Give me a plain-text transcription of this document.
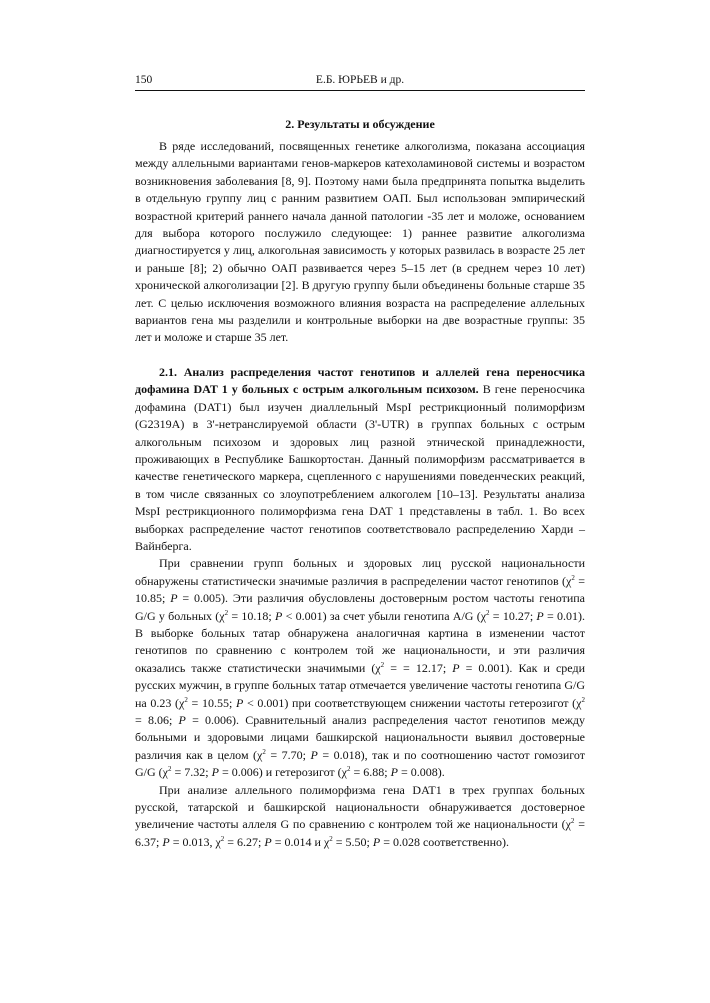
150	Е.Б. ЮРЬЕВ и др.
2. Результаты и обсуждение

В ряде исследований, посвященных генетике алкоголизма, показана ассоциация между аллельными вариантами генов-маркеров катехоламиновой системы и возрастом возникновения заболевания [8, 9]. Поэтому нами была предпринята попытка выделить в отдельную группу лиц с ранним развитием ОАП. Был использован эмпирический возрастной критерий раннего начала данной патологии -35 лет и моложе, основанием для выбора которого послужило следующее: 1) раннее развитие алкоголизма диагностируется у лиц, алкогольная зависимость у которых развилась в возрасте 25 лет и раньше [8]; 2) обычно ОАП развивается через 5–15 лет (в среднем через 10 лет) хронической алкоголизации [2]. В другую группу были объединены больные старше 35 лет. С целью исключения возможного влияния возраста на распределение аллельных вариантов гена мы разделили и контрольные выборки на две возрастные группы: 35 лет и моложе и старше 35 лет.

2.1. Анализ распределения частот генотипов и аллелей гена переносчика дофамина DAT 1 у больных с острым алкогольным психозом. В гене переносчика дофамина (DAT1) был изучен диаллельный MspI рестрикционный полиморфизм (G2319A) в 3'-нетранслируемой области (3'-UTR) в группах больных с острым алкогольным психозом и здоровых лиц разной этнической принадлежности, проживающих в Республике Башкортостан. Данный полиморфизм рассматривается в качестве генетического маркера, сцепленного с нарушениями поведенческих реакций, в том числе связанных со злоупотреблением алкоголем [10–13]. Результаты анализа MspI рестрикционного полиморфизма гена DAT 1 представлены в табл. 1. Во всех выборках распределение частот генотипов соответствовало распределению Харди – Вайнберга.

При сравнении групп больных и здоровых лиц русской национальности обнаружены статистически значимые различия в распределении частот генотипов ($\chi^2 = 10.85$; P = 0.005). Эти различия обусловлены достоверным ростом частоты генотипа G/G у больных ($\chi^2 = 10.18$; P < 0.001) за счет убыли генотипа A/G ($\chi^2 = 10.27$; P = 0.01). В выборке больных татар обнаружена аналогичная картина в изменении частот генотипов по сравнению с контролем той же национальности, и эти различия оказались также статистически значимыми ($\chi^2$ = = 12.17; P = 0.001). Как и среди русских мужчин, в группе больных татар отмечается увеличение частоты генотипа G/G на 0.23 ($\chi^2 = 10.55$; P < 0.001) при соответствующем снижении частоты гетерозигот ($\chi^2 = 8.06$; P = 0.006). Сравнительный анализ распределения частот генотипов между больными и здоровыми лицами башкирской национальности выявил достоверные различия как в целом ($\chi^2 = 7.70$; P = 0.018), так и по соотношению частот гомозигот G/G ($\chi^2 = 7.32$; P = 0.006) и гетерозигот ($\chi^2 = 6.88$; P = 0.008).

При анализе аллельного полиморфизма гена DAT1 в трех группах больных русской, татарской и башкирской национальности обнаруживается достоверное увеличение частоты аллеля G по сравнению с контролем той же национальности ($\chi^2 = 6.37$; P = 0.013, $\chi^2 = 6.27$; P = 0.014 и $\chi^2 = 5.50$; P = 0.028 соответственно).
